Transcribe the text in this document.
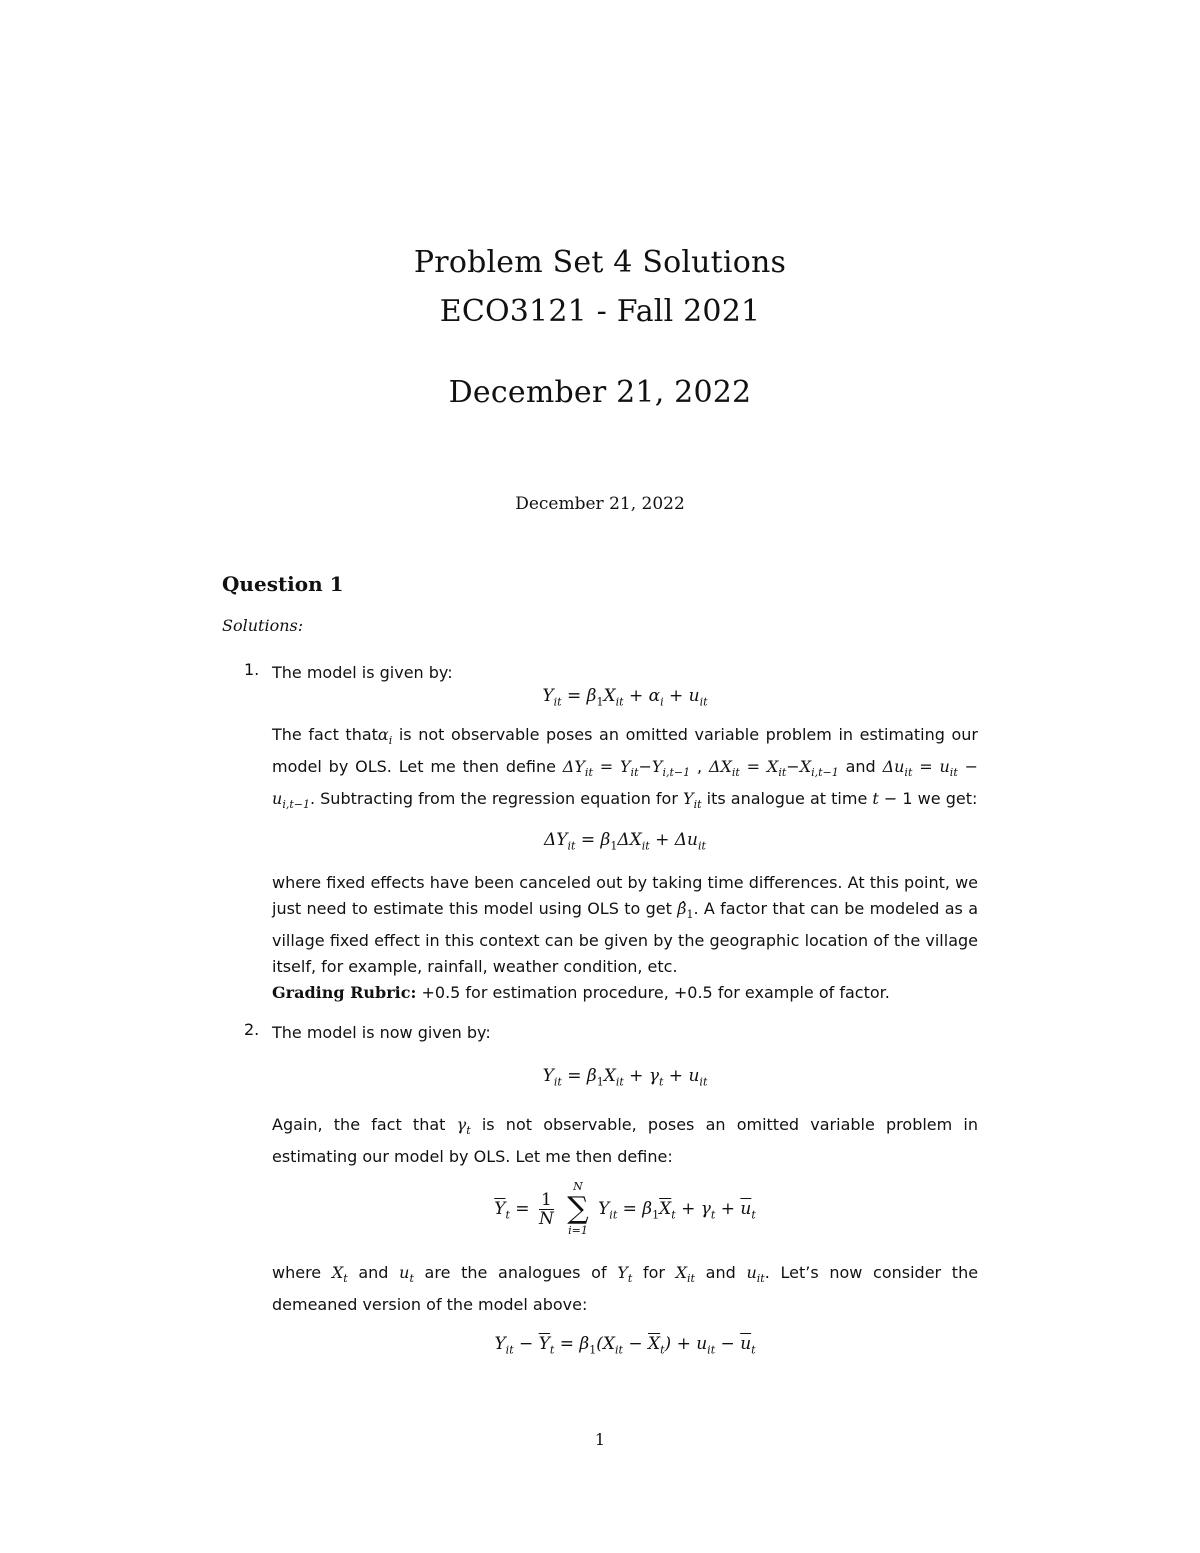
Problem Set 4 Solutions
ECO3121 - Fall 2021
December 21, 2022
December 21, 2022
Question 1
Solutions:
1. The model is given by:
$Y_{it} = \beta_1X_{it} + \alpha_i + u_{it}$
The fact thatα$_i$ is not observable poses an omitted variable problem in estimating our model by OLS. Let me then define $\Delta Y_{it} = Y_{it}-Y_{i,t-1}$ , $\Delta X_{it} = X_{it}-X_{i,t-1}$ and $\Delta u_{it} = u_{it} - u_{i,t-1}$. Subtracting from the regression equation for $Y_{it}$ its analogue at time t − 1 we get:
$\Delta Y_{it} = \beta_1\Delta X_{it} + \Delta u_{it}$
where fixed effects have been canceled out by taking time differences. At this point, we just need to estimate this model using OLS to get $\betâ_1$. A factor that can be modeled as a village fixed effect in this context can be given by the geographic location of the village itself, for example, rainfall, weather condition, etc.
Grading Rubric: +0.5 for estimation procedure, +0.5 for example of factor.
2. The model is now given by:
$Y_{it} = \beta_1X_{it} + \gamma_t + u_{it}$
Again, the fact that $\gamma_t$ is not observable, poses an omitted variable problem in estimating our model by OLS. Let me then define:
$\overline{Y}_t = \frac{1}{N}$

N
∑
i=1
$Y_{it} = \beta_1\overline{X}_t + \gamma_t + \overline{u}_t$
where $X_t$ and $u_t$ are the analogues of $Y_t$ for $X_{it}$ and $u_{it}$. Let’s now consider the demeaned version of the model above:
$Y_{it} - \overline{Y}_t = \beta_1(X_{it} - \overline{X}_t) + u_{it} - \overline{u}_t$
1
